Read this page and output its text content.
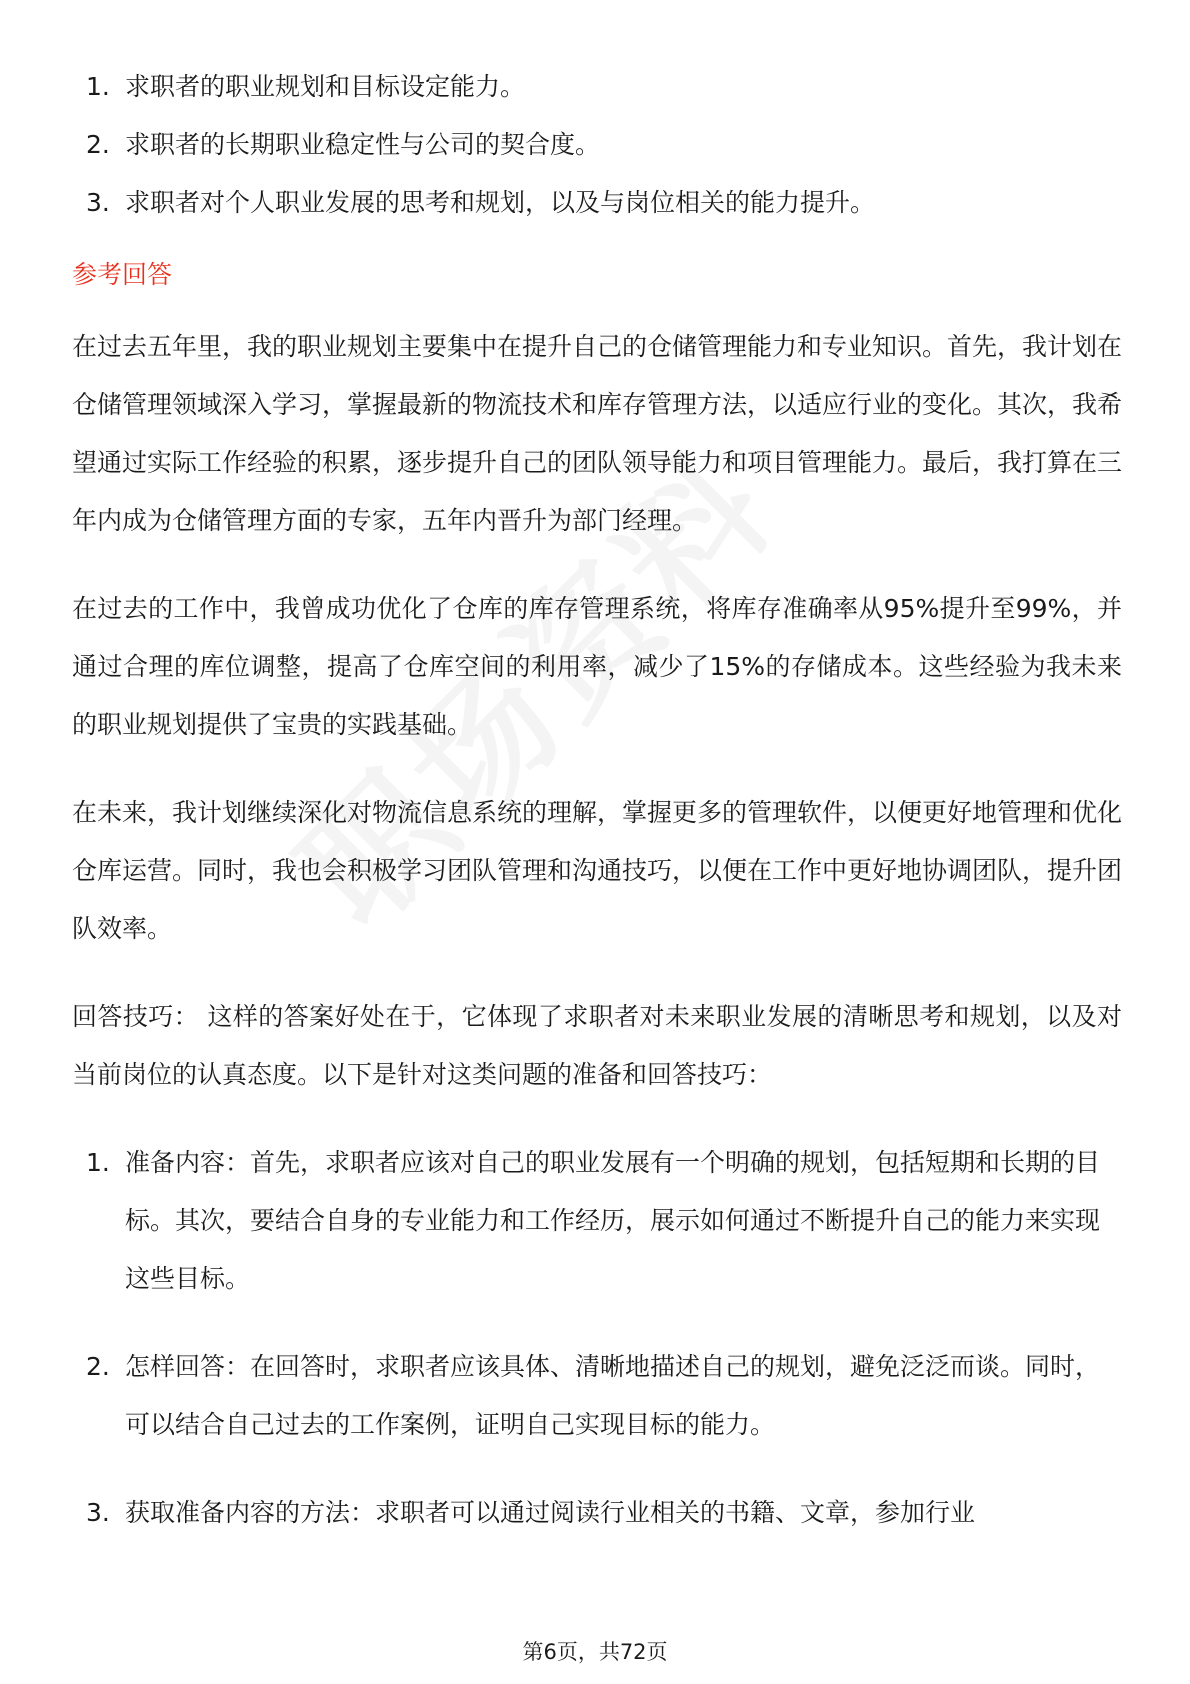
1. 求职者的职业规划和目标设定能力。
2. 求职者的长期职业稳定性与公司的契合度。
3. 求职者对个人职业发展的思考和规划，以及与岗位相关的能力提升。
参考回答

在过去五年里，我的职业规划主要集中在提升自己的仓储管理能力和专业知识。首先，我计划在仓储管理领域深入学习，掌握最新的物流技术和库存管理方法，以适应行业的变化。其次，我希望通过实际工作经验的积累，逐步提升自己的团队领导能力和项目管理能力。最后，我打算在三年内成为仓储管理方面的专家，五年内晋升为部门经理。

在过去的工作中，我曾成功优化了仓库的库存管理系统，将库存准确率从95%提升至99%，并通过合理的库位调整，提高了仓库空间的利用率，减少了15%的存储成本。这些经验为我未来的职业规划提供了宝贵的实践基础。

在未来，我计划继续深化对物流信息系统的理解，掌握更多的管理软件，以便更好地管理和优化仓库运营。同时，我也会积极学习团队管理和沟通技巧，以便在工作中更好地协调团队，提升团队效率。

回答技巧： 这样的答案好处在于，它体现了求职者对未来职业发展的清晰思考和规划，以及对当前岗位的认真态度。以下是针对这类问题的准备和回答技巧：

1. 准备内容：首先，求职者应该对自己的职业发展有一个明确的规划，包括短期和长期的目标。其次，要结合自身的专业能力和工作经历，展示如何通过不断提升自己的能力来实现这些目标。
2. 怎样回答：在回答时，求职者应该具体、清晰地描述自己的规划，避免泛泛而谈。同时，可以结合自己过去的工作案例，证明自己实现目标的能力。
3. 获取准备内容的方法：求职者可以通过阅读行业相关的书籍、文章，参加行业
第6页，共72页
